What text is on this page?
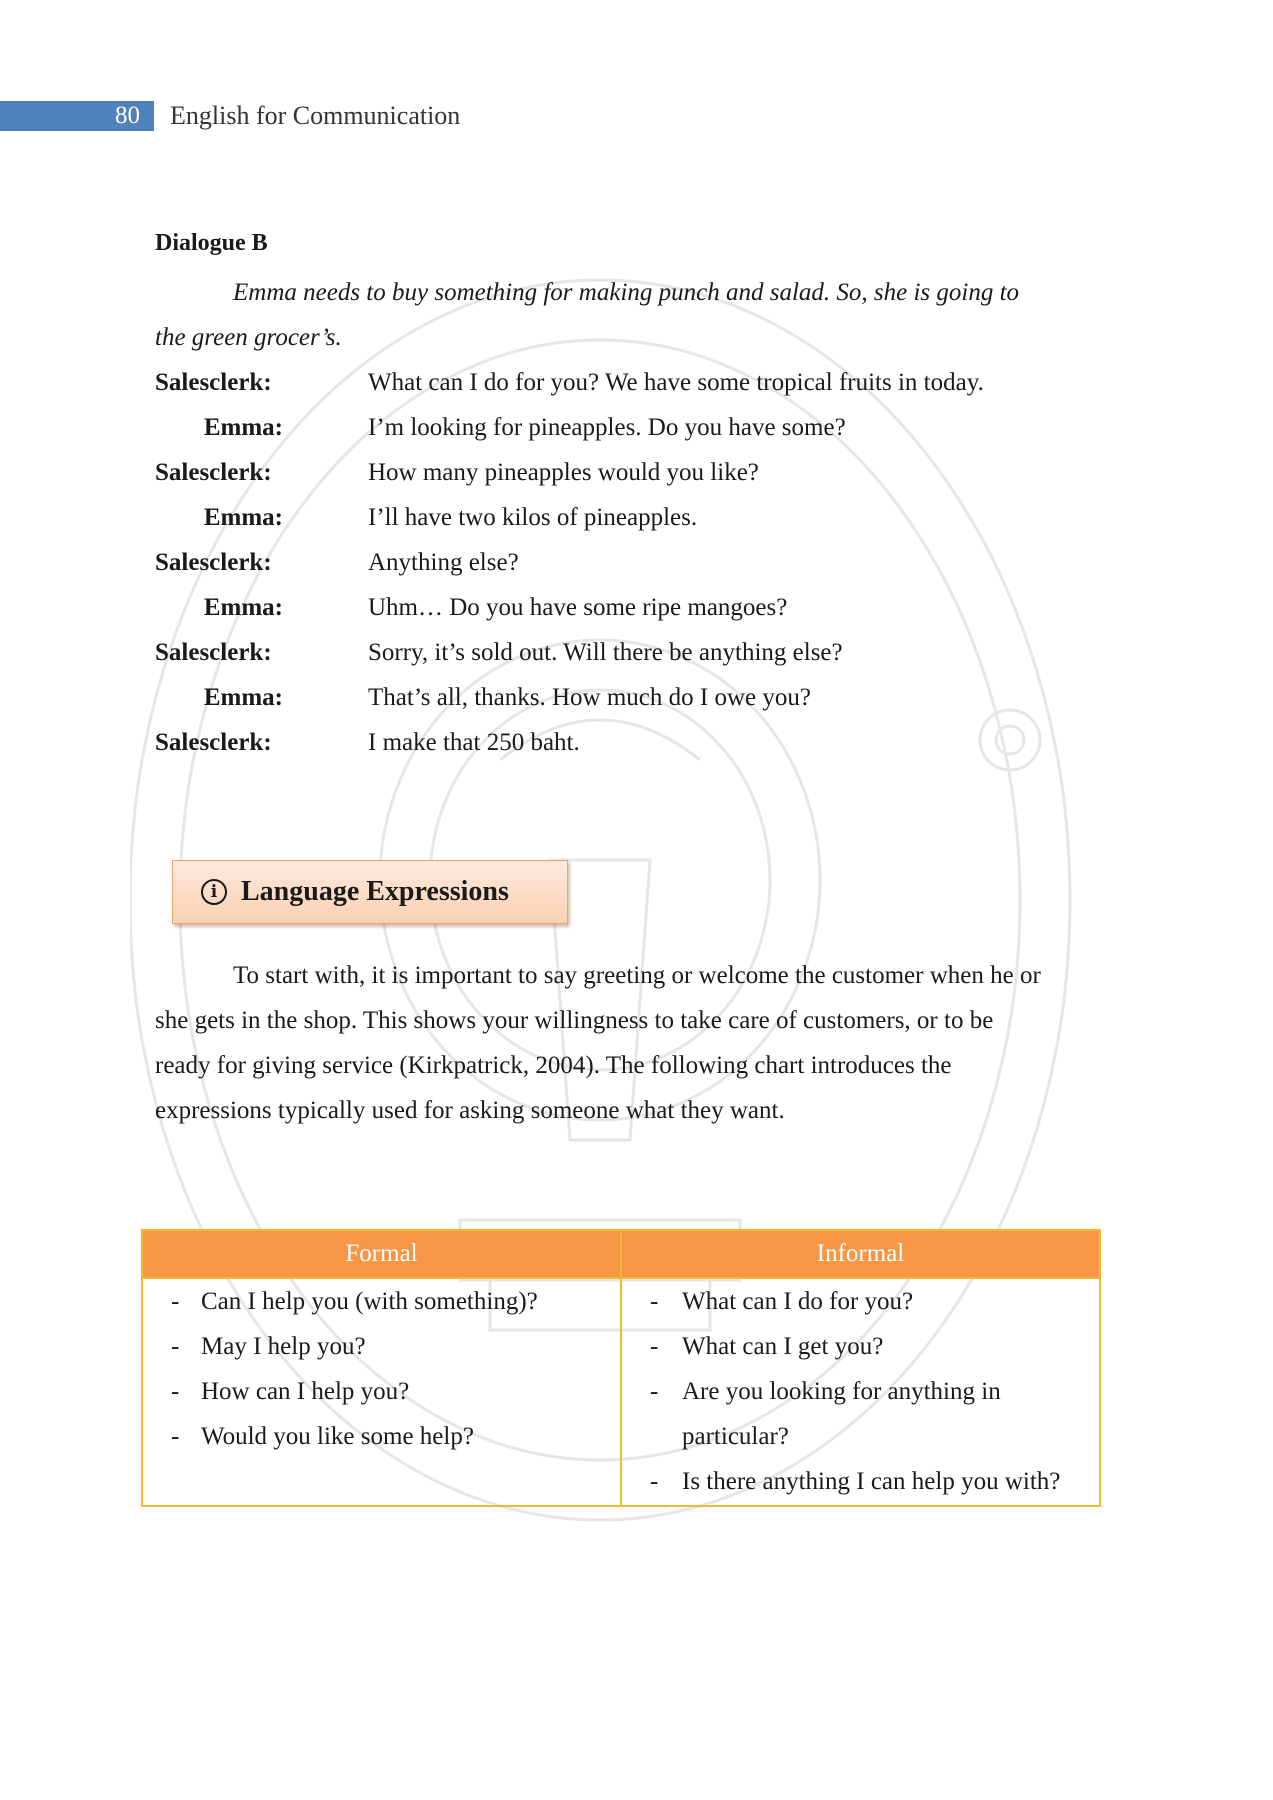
80 English for Communication
Dialogue B
Emma needs to buy something for making punch and salad. So, she is going to the green grocer’s.
Salesclerk:	What can I do for you? We have some tropical fruits in today.
Emma:	I’m looking for pineapples. Do you have some?
Salesclerk:	How many pineapples would you like?
Emma:	I’ll have two kilos of pineapples.
Salesclerk:	Anything else?
Emma:	Uhm… Do you have some ripe mangoes?
Salesclerk:	Sorry, it’s sold out. Will there be anything else?
Emma:	That’s all, thanks. How much do I owe you?
Salesclerk:	I make that 250 baht.
i Language Expressions
To start with, it is important to say greeting or welcome the customer when he or she gets in the shop. This shows your willingness to take care of customers, or to be ready for giving service (Kirkpatrick, 2004). The following chart introduces the expressions typically used for asking someone what they want.
Formal
- Can I help you (with something)?
- May I help you?
- How can I help you?
- Would you like some help?
Informal
- What can I do for you?
- What can I get you?
- Are you looking for anything in particular?
- Is there anything I can help you with?
